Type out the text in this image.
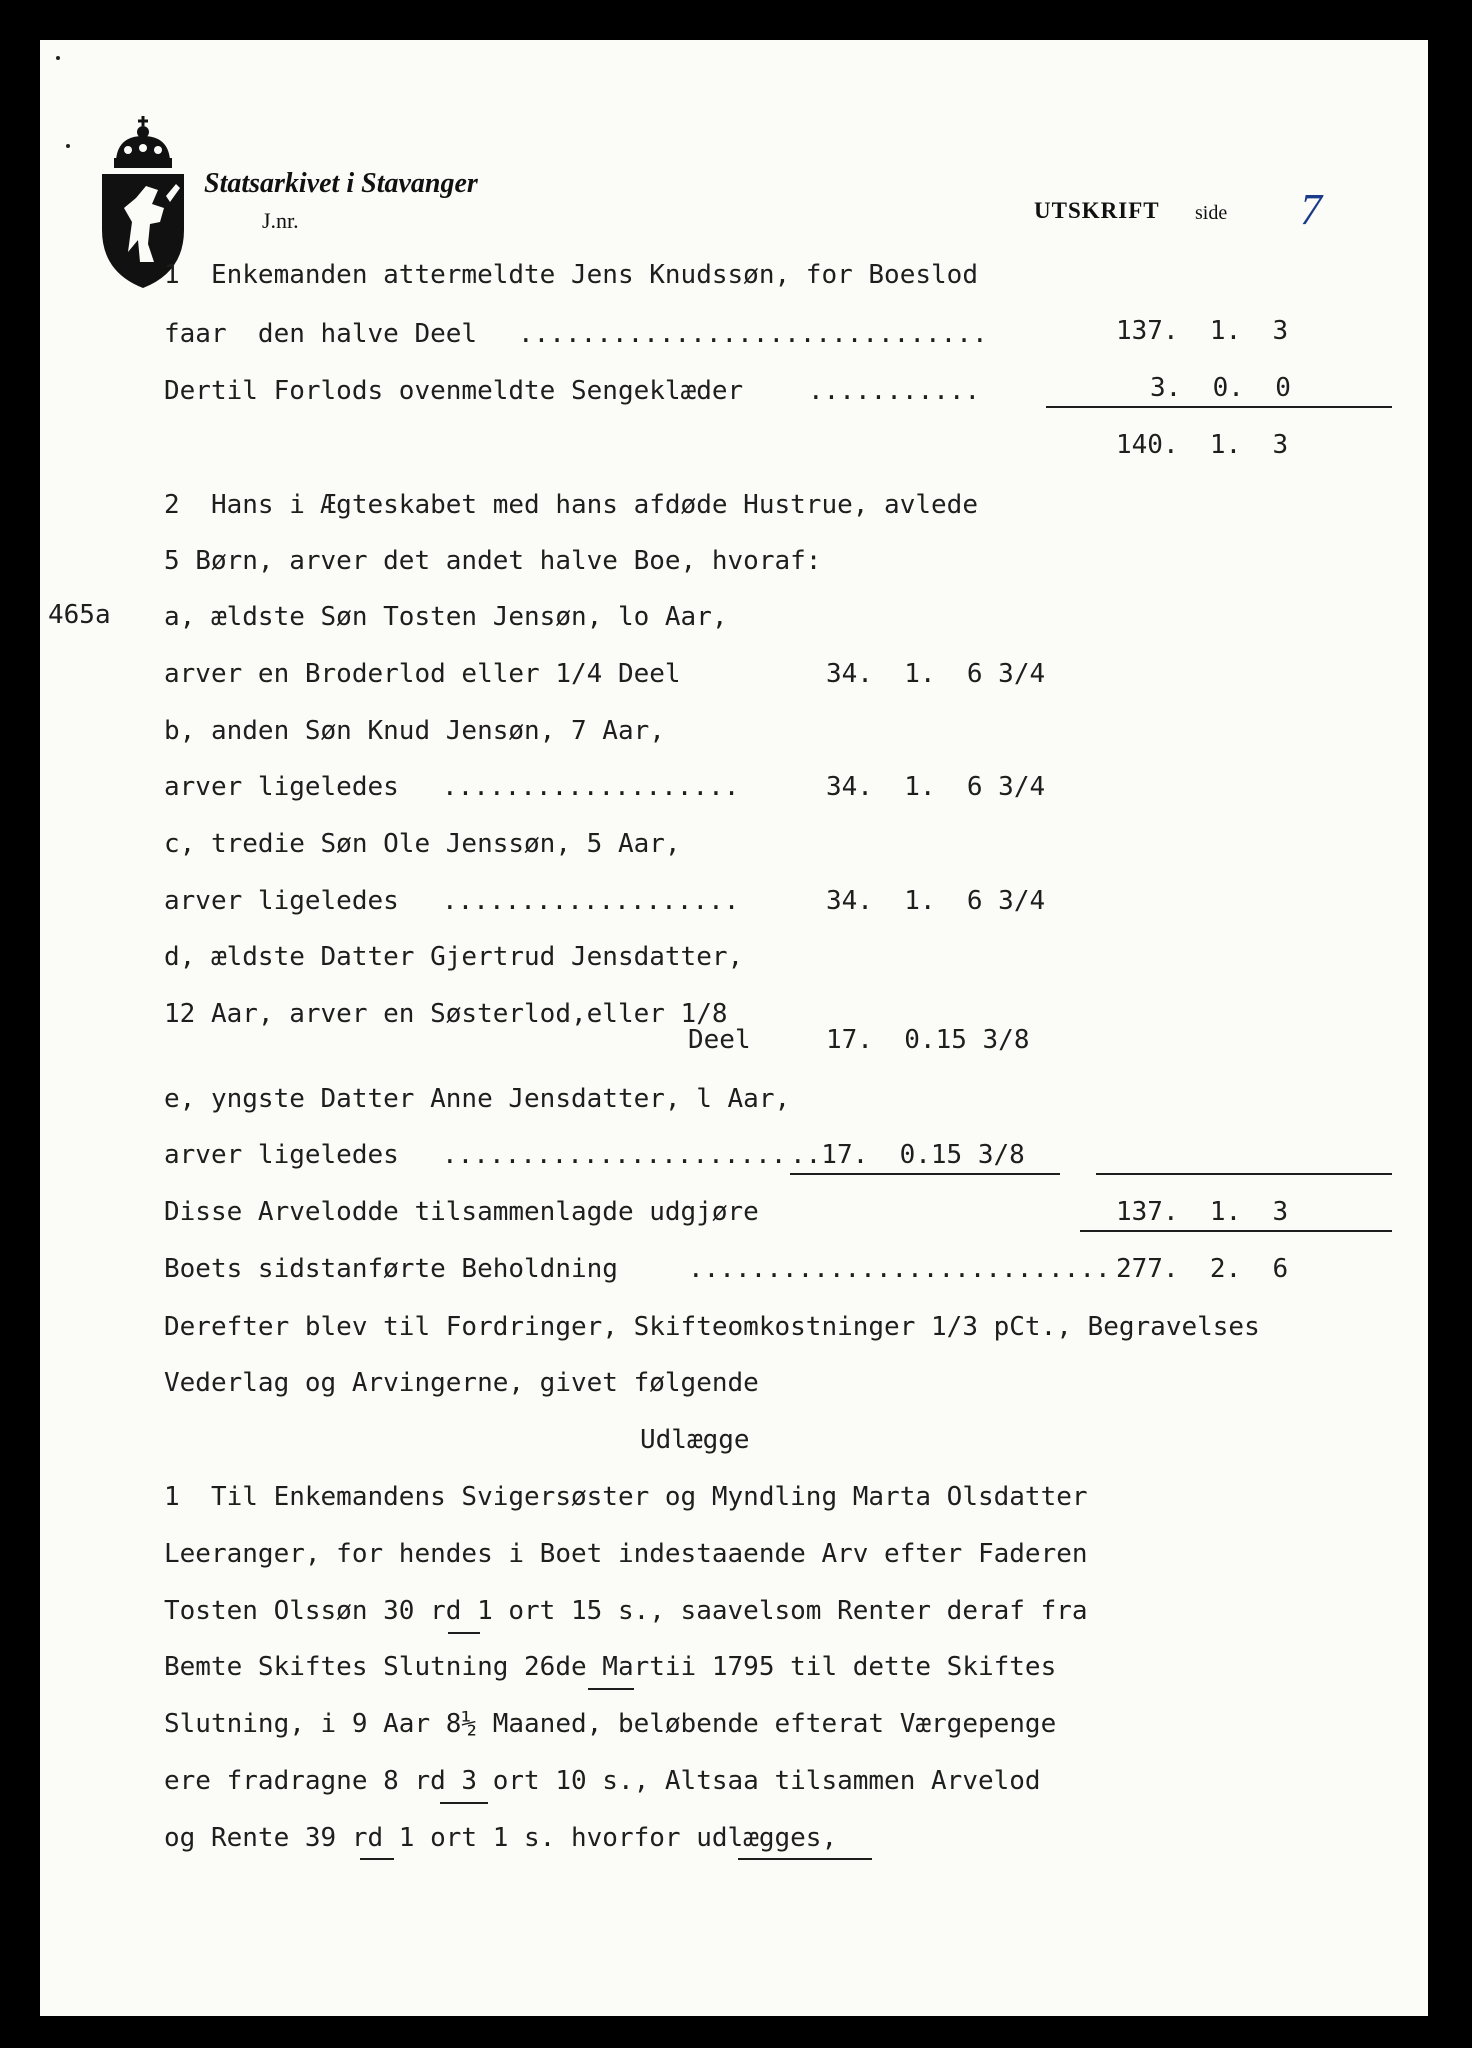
Statsarkivet i Stavanger
J.nr.	UTSKRIFT side 7
465a
1  Enkemanden attermeldte Jens Knudssøn, for Boeslod
faar  den halve Deel
Dertil Forlods ovenmeldte Sengeklæder
2  Hans i Ægteskabet med hans afdøde Hustrue, avlede
5 Børn, arver det andet halve Boe, hvoraf:
a, ældste Søn Tosten Jensøn, lo Aar,
arver en Broderlod eller 1/4 Deel
b, anden Søn Knud Jensøn, 7 Aar,
arver ligeledes
c, tredie Søn Ole Jenssøn, 5 Aar,
arver ligeledes
d, ældste Datter Gjertrud Jensdatter,
12 Aar, arver en Søsterlod,eller 1/8
Deel
e, yngste Datter Anne Jensdatter, l Aar,
arver ligeledes
Disse Arvelodde tilsammenlagde udgjøre
Boets sidstanførte Beholdning
Derefter blev til Fordringer, Skifteomkostninger 1/3 pCt., Begravelses
Vederlag og Arvingerne, givet følgende
Udlægge
1  Til Enkemandens Svigersøster og Myndling Marta Olsdatter
Leeranger, for hendes i Boet indestaaende Arv efter Faderen
Tosten Olssøn 30 rd 1 ort 15 s., saavelsom Renter deraf fra
Bemte Skiftes Slutning 26de Martii 1795 til dette Skiftes
Slutning, i 9 Aar 8½ Maaned, beløbende efterat Værgepenge
ere fradragne 8 rd 3 ort 10 s., Altsaa tilsammen Arvelod
og Rente 39 rd 1 ort 1 s. hvorfor udlægges,
..............................
...........
...................
...................
......................
...........................
137.  1.  3
3.  0.  0
140.  1.  3
34.  1.  6 3/4
34.  1.  6 3/4
34.  1.  6 3/4
17.  0.15 3/8
..17.  0.15 3/8
137.  1.  3
277.  2.  6
